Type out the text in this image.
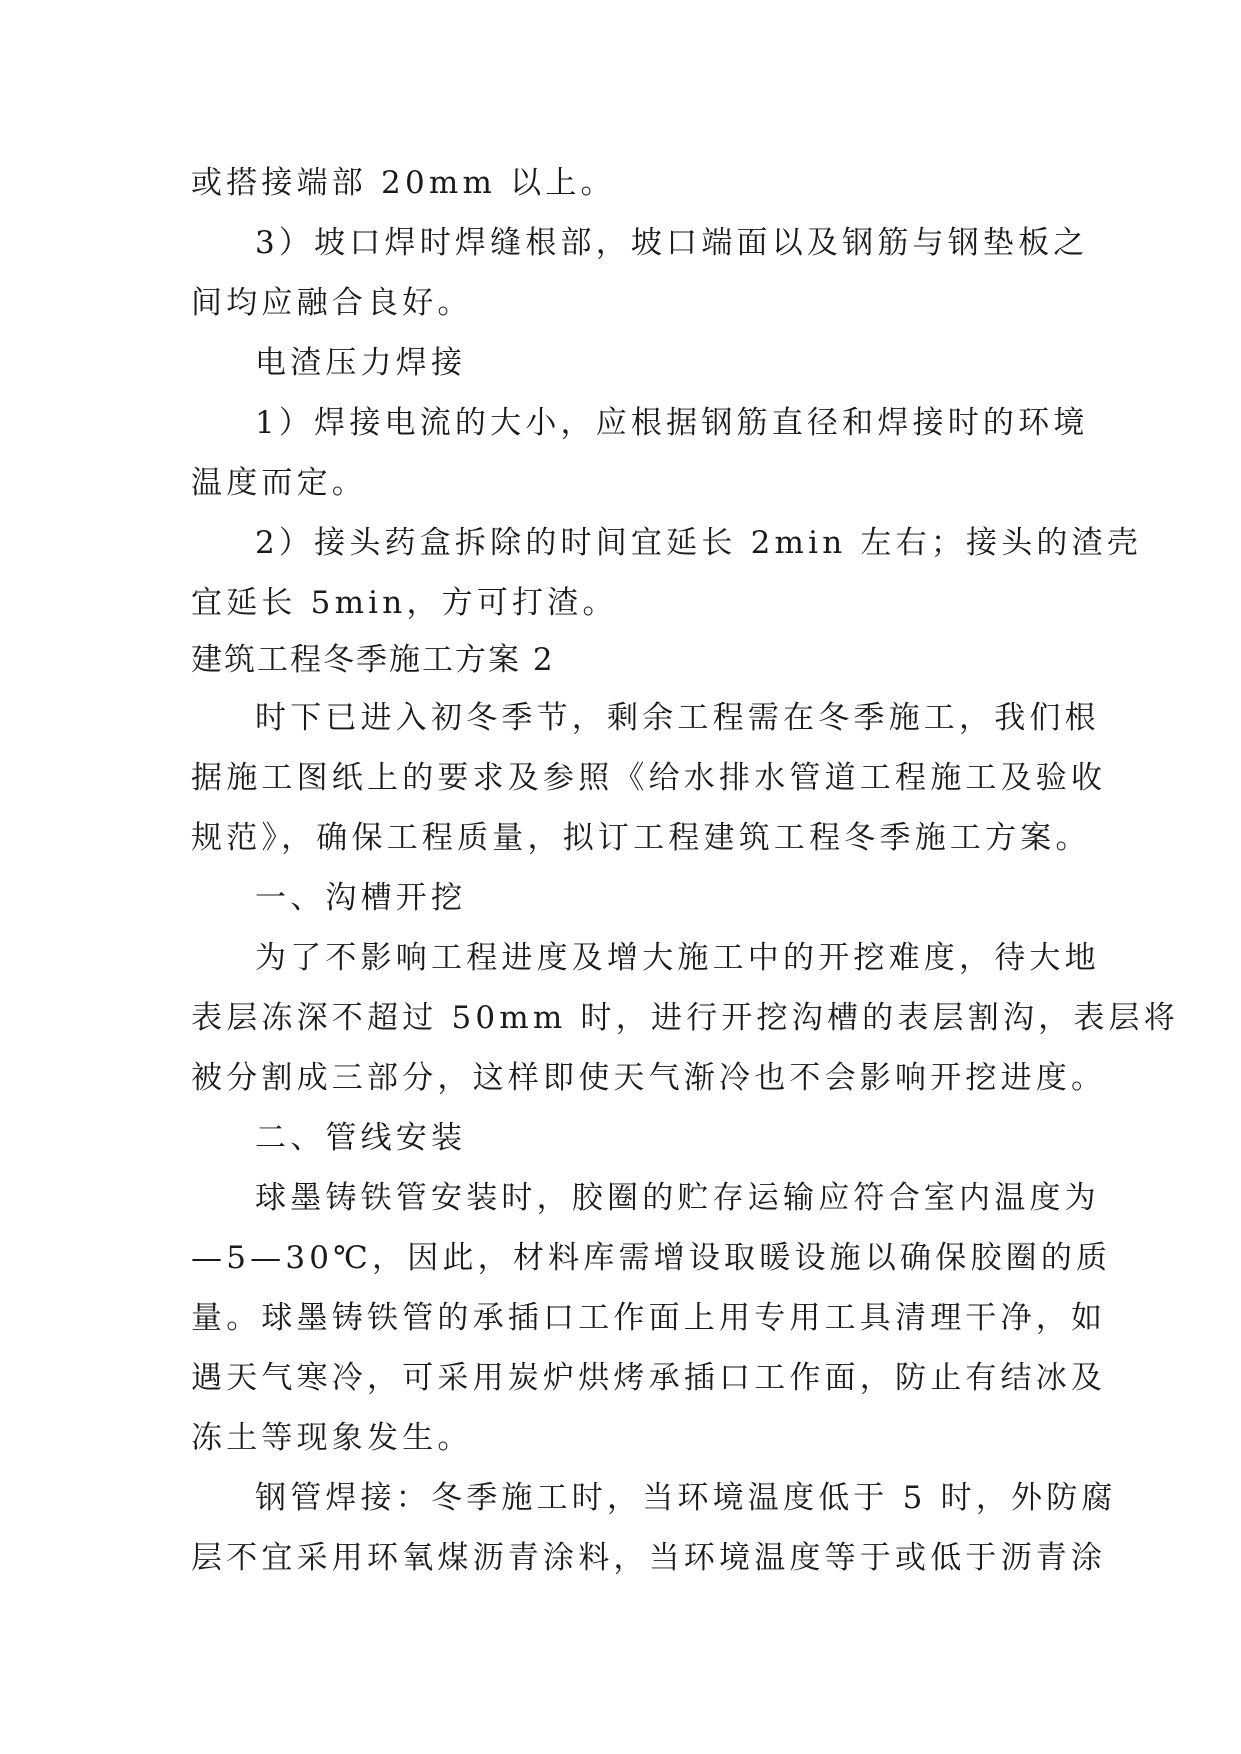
或搭接端部 20mm 以上。
3）坡口焊时焊缝根部，坡口端面以及钢筋与钢垫板之
间均应融合良好。
电渣压力焊接
1）焊接电流的大小，应根据钢筋直径和焊接时的环境
温度而定。
2）接头药盒拆除的时间宜延长 2min 左右；接头的渣壳
宜延长 5min，方可打渣。
建筑工程冬季施工方案 2
时下已进入初冬季节，剩余工程需在冬季施工，我们根
据施工图纸上的要求及参照《给水排水管道工程施工及验收
规范》，确保工程质量，拟订工程建筑工程冬季施工方案。
一、沟槽开挖
为了不影响工程进度及增大施工中的开挖难度，待大地
表层冻深不超过 50mm 时，进行开挖沟槽的表层割沟，表层将
被分割成三部分，这样即使天气渐冷也不会影响开挖进度。
二、管线安装
球墨铸铁管安装时，胶圈的贮存运输应符合室内温度为
—5—30℃，因此，材料库需增设取暖设施以确保胶圈的质
量。球墨铸铁管的承插口工作面上用专用工具清理干净，如
遇天气寒冷，可采用炭炉烘烤承插口工作面，防止有结冰及
冻土等现象发生。
钢管焊接：冬季施工时，当环境温度低于 5 时，外防腐
层不宜采用环氧煤沥青涂料，当环境温度等于或低于沥青涂
